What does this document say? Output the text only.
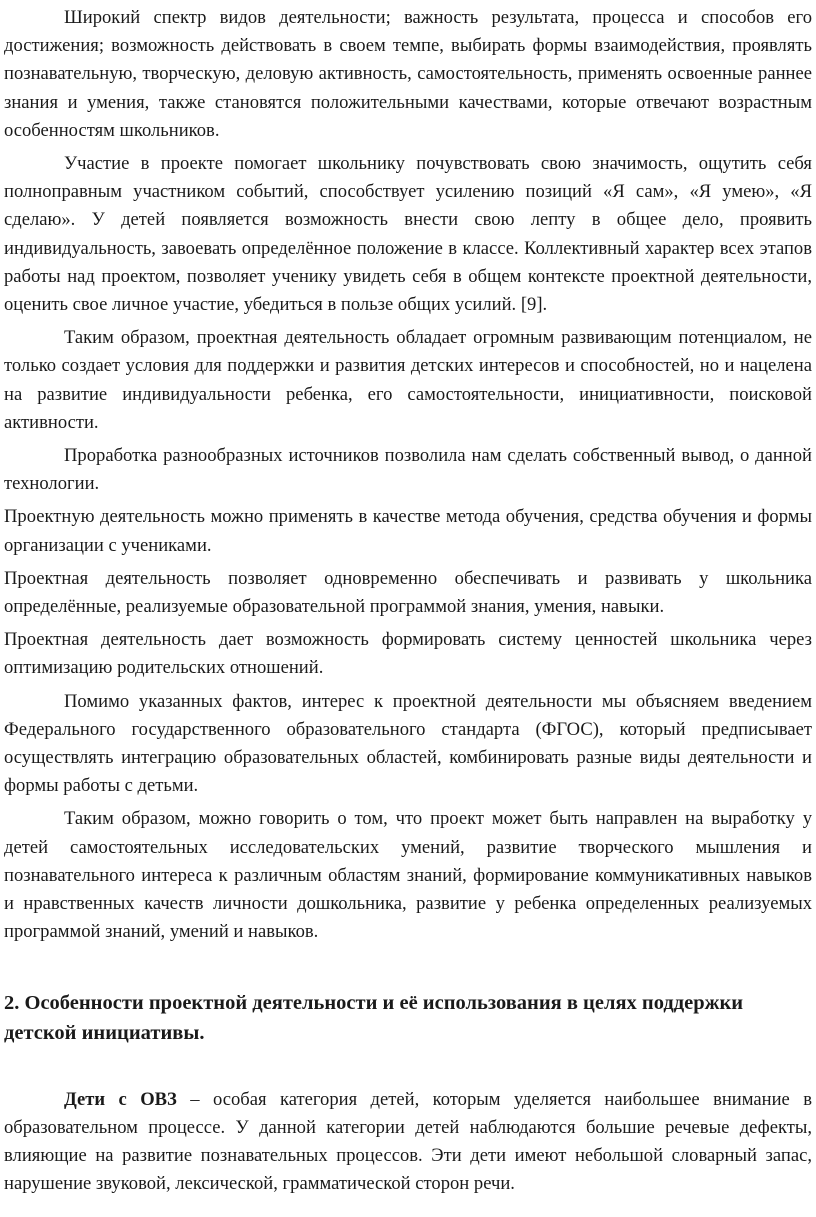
Широкий спектр видов деятельности; важность результата, процесса и способов его достижения; возможность действовать в своем темпе, выбирать формы взаимодействия, проявлять познавательную, творческую, деловую активность, самостоятельность, применять освоенные раннее знания и умения, также становятся положительными качествами, которые отвечают возрастным особенностям школьников.

Участие в проекте помогает школьнику почувствовать свою значимость, ощутить себя полноправным участником событий, способствует усилению позиций «Я сам», «Я умею», «Я сделаю». У детей появляется возможность внести свою лепту в общее дело, проявить индивидуальность, завоевать определённое положение в классе. Коллективный характер всех этапов работы над проектом, позволяет ученику увидеть себя в общем контексте проектной деятельности, оценить свое личное участие, убедиться в пользе общих усилий. [9].

Таким образом, проектная деятельность обладает огромным развивающим потенциалом, не только создает условия для поддержки и развития детских интересов и способностей, но и нацелена на развитие индивидуальности ребенка, его самостоятельности, инициативности, поисковой активности.

Проработка разнообразных источников позволила нам сделать собственный вывод, о данной технологии.

Проектную деятельность можно применять в качестве метода обучения, средства обучения и формы организации с учениками.

Проектная деятельность позволяет одновременно обеспечивать и развивать у школьника определённые, реализуемые образовательной программой знания, умения, навыки.

Проектная деятельность дает возможность формировать систему ценностей школьника через оптимизацию родительских отношений.

Помимо указанных фактов, интерес к проектной деятельности мы объясняем введением Федерального государственного образовательного стандарта (ФГОС), который предписывает осуществлять интеграцию образовательных областей, комбинировать разные виды деятельности и формы работы с детьми.

Таким образом, можно говорить о том, что проект может быть направлен на выработку у детей самостоятельных исследовательских умений, развитие творческого мышления и познавательного интереса к различным областям знаний, формирование коммуникативных навыков и нравственных качеств личности дошкольника, развитие у ребенка определенных реализуемых программой знаний, умений и навыков.

2. Особенности проектной деятельности и её использования в целях поддержки детской инициативы.

Дети с ОВЗ – особая категория детей, которым уделяется наибольшее внимание в образовательном процессе. У данной категории детей наблюдаются большие речевые дефекты, влияющие на развитие познавательных процессов. Эти дети имеют небольшой словарный запас, нарушение звуковой, лексической, грамматической сторон речи.
